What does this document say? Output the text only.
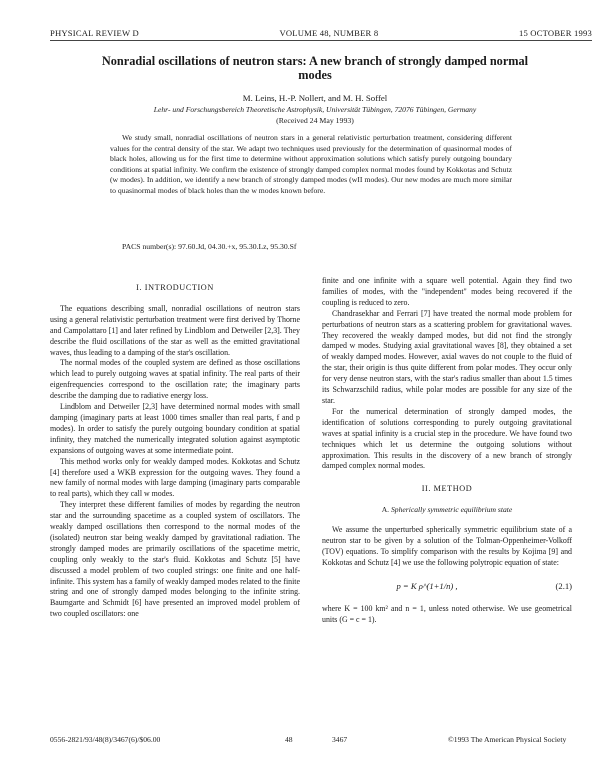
PHYSICAL REVIEW D	VOLUME 48, NUMBER 8	15 OCTOBER 1993
Nonradial oscillations of neutron stars: A new branch of strongly damped normal
modes
M. Leins, H.-P. Nollert, and M. H. Soffel
Lehr- und Forschungsbereich Theoretische Astrophysik, Universität Tübingen, 72076 Tübingen, Germany
(Received 24 May 1993)

We study small, nonradial oscillations of neutron stars in a general relativistic perturbation treatment, considering different values for the central density of the star. We adapt two techniques used previously for the determination of quasinormal modes of black holes, allowing us for the first time to determine without approximation solutions which satisfy purely outgoing boundary conditions at spatial infinity. We confirm the existence of strongly damped complex normal modes found by Kokkotas and Schutz (w modes). In addition, we identify a new branch of strongly damped modes (wII modes). Our new modes are much more similar to quasinormal modes of black holes than the w modes known before.

PACS number(s): 97.60.Jd, 04.30.+x, 95.30.Lz, 95.30.Sf
I. INTRODUCTION

The equations describing small, nonradial oscillations of neutron stars using a general relativistic perturbation treatment were first derived by Thorne and Campolattaro [1] and later refined by Lindblom and Detweiler [2,3]. They describe the fluid oscillations of the star as well as the emitted gravitational waves, thus leading to a damping of the star's oscillation.

The normal modes of the coupled system are defined as those oscillations which lead to purely outgoing waves at spatial infinity. The real parts of their eigenfrequencies correspond to the oscillation rate; the imaginary parts describe the damping due to radiative energy loss.

Lindblom and Detweiler [2,3] have determined normal modes with small damping (imaginary parts at least 1000 times smaller than real parts, f and p modes). In order to satisfy the purely outgoing boundary condition at spatial infinity, they matched the numerically integrated solution against asymptotic expansions of outgoing waves at some intermediate point.

This method works only for weakly damped modes. Kokkotas and Schutz [4] therefore used a WKB expression for the outgoing waves. They found a new family of normal modes with large damping (imaginary parts comparable to real parts), which they call w modes.

They interpret these different families of modes by regarding the neutron star and the surrounding spacetime as a coupled system of oscillators. The weakly damped oscillations then correspond to the normal modes of the (isolated) neutron star being weakly damped by gravitational radiation. The strongly damped modes are primarily oscillations of the spacetime metric, coupling only weakly to the star's fluid. Kokkotas and Schutz [5] have discussed a model problem of two coupled strings: one finite and one half-infinite. This system has a family of weakly damped modes related to the finite string and one of strongly damped modes belonging to the infinite string. Baumgarte and Schmidt [6] have presented an improved model problem of two coupled oscillators: one

finite and one infinite with a square well potential. Again they find two families of modes, with the "independent" modes being recovered if the coupling is reduced to zero.

Chandrasekhar and Ferrari [7] have treated the normal mode problem for perturbations of neutron stars as a scattering problem for gravitational waves. They recovered the weakly damped modes, but did not find the strongly damped w modes. Studying axial gravitational waves [8], they obtained a set of weakly damped modes. However, axial waves do not couple to the fluid of the star, their origin is thus quite different from polar modes. They occur only for very dense neutron stars, with the star's radius smaller than about 1.5 times its Schwarzschild radius, while polar modes are possible for any size of the star.

For the numerical determination of strongly damped modes, the identification of solutions corresponding to purely outgoing gravitational waves at spatial infinity is a crucial step in the procedure. We have found two techniques which let us determine the outgoing solutions without approximation. This results in the discovery of a new branch of strongly damped complex normal modes.

II. METHOD
A. Spherically symmetric equilibrium state

We assume the unperturbed spherically symmetric equilibrium state of a neutron star to be given by a solution of the Tolman-Oppenheimer-Volkoff (TOV) equations. To simplify comparison with the results by Kojima [9] and Kokkotas and Schutz [4] we use the following polytropic equation of state:

p = K ρ^(1+1/n) ,	(2.1)

where K = 100 km² and n = 1, unless noted otherwise. We use geometrical units (G = c = 1).

0556-2821/93/48(8)/3467(6)/$06.00	48	3467	©1993 The American Physical Society
